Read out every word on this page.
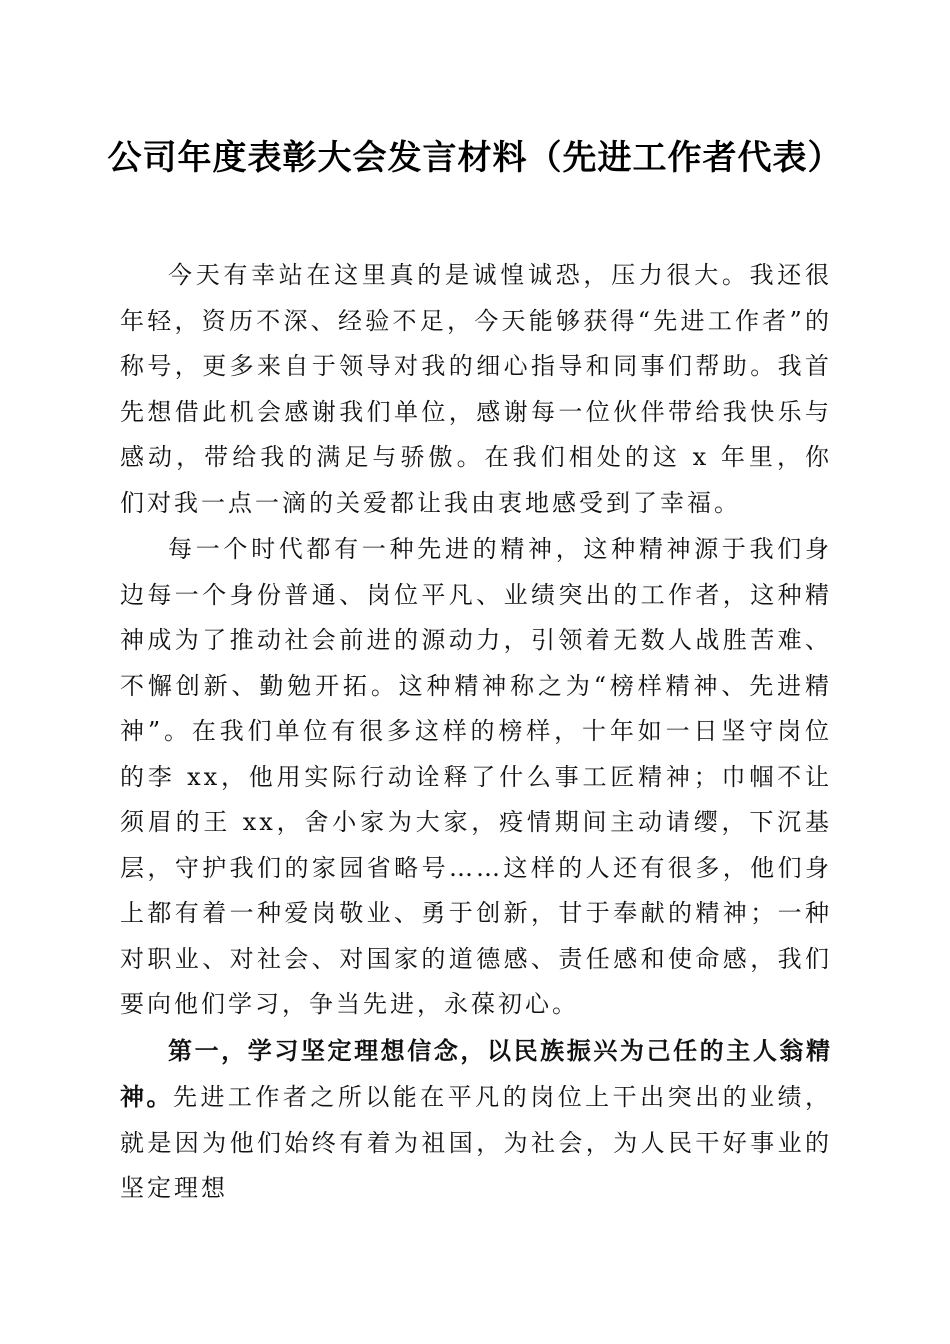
公司年度表彰大会发言材料（先进工作者代表）

今天有幸站在这里真的是诚惶诚恐，压力很大。我还很年轻，资历不深、经验不足，今天能够获得“先进工作者”的称号，更多来自于领导对我的细心指导和同事们帮助。我首先想借此机会感谢我们单位，感谢每一位伙伴带给我快乐与感动，带给我的满足与骄傲。在我们相处的这 x 年里，你们对我一点一滴的关爱都让我由衷地感受到了幸福。

每一个时代都有一种先进的精神，这种精神源于我们身边每一个身份普通、岗位平凡、业绩突出的工作者，这种精神成为了推动社会前进的源动力，引领着无数人战胜苦难、不懈创新、勤勉开拓。这种精神称之为“榜样精神、先进精神”。在我们单位有很多这样的榜样，十年如一日坚守岗位的李 xx，他用实际行动诠释了什么事工匠精神；巾帼不让须眉的王 xx，舍小家为大家，疫情期间主动请缨，下沉基层，守护我们的家园省略号……这样的人还有很多，他们身上都有着一种爱岗敬业、勇于创新，甘于奉献的精神；一种对职业、对社会、对国家的道德感、责任感和使命感，我们要向他们学习，争当先进，永葆初心。

第一，学习坚定理想信念，以民族振兴为己任的主人翁精神。先进工作者之所以能在平凡的岗位上干出突出的业绩，就是因为他们始终有着为祖国，为社会，为人民干好事业的坚定理想
